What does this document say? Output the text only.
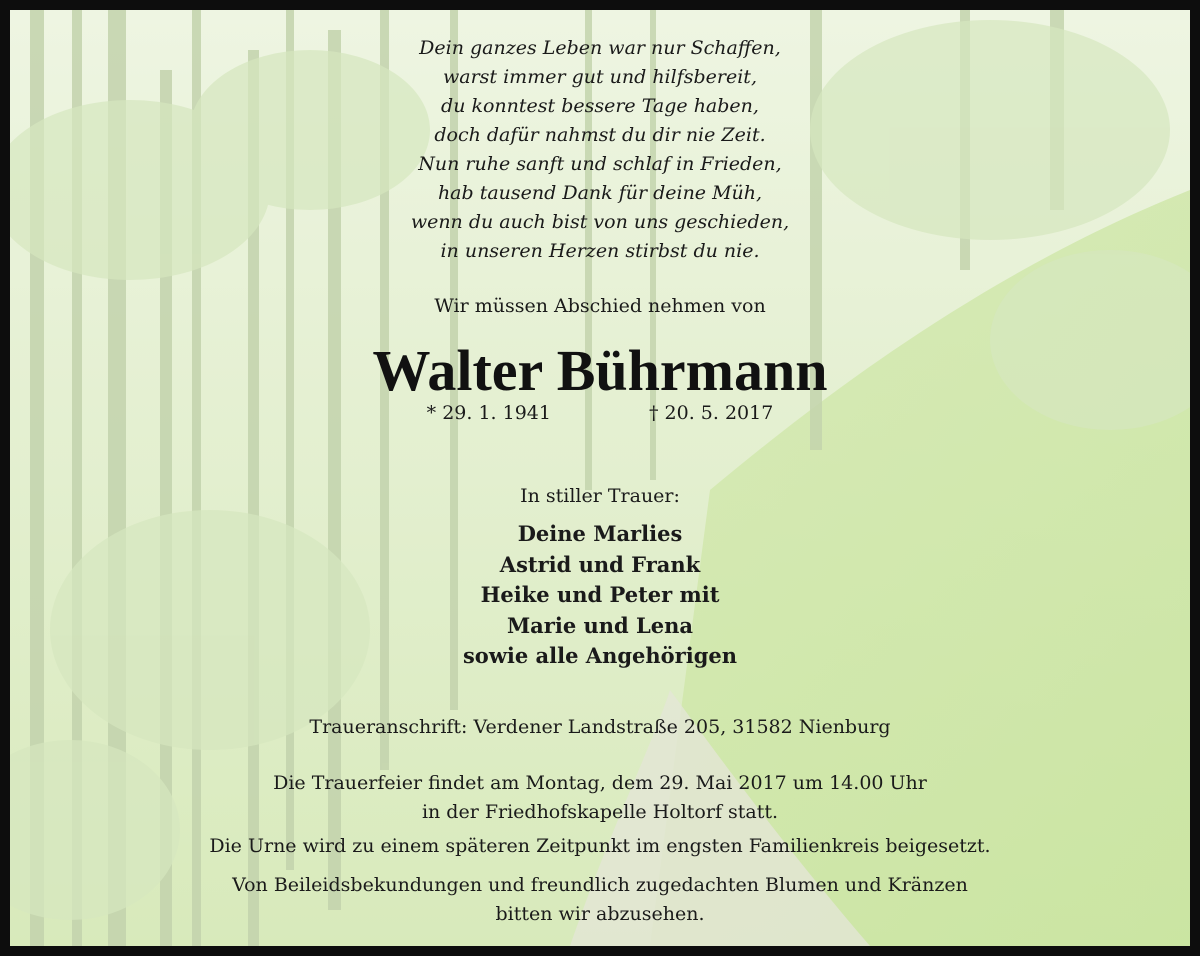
Dein ganzes Leben war nur Schaffen,
warst immer gut und hilfsbereit,
du konntest bessere Tage haben,
doch dafür nahmst du dir nie Zeit.
Nun ruhe sanft und schlaf in Frieden,
hab tausend Dank für deine Müh,
wenn du auch bist von uns geschieden,
in unseren Herzen stirbst du nie.
Wir müssen Abschied nehmen von
Walter Bührmann
* 29. 1. 1941	† 20. 5. 2017
In stiller Trauer:
Deine Marlies
Astrid und Frank
Heike und Peter mit
Marie und Lena
sowie alle Angehörigen
Traueranschrift: Verdener Landstraße 205, 31582 Nienburg
Die Trauerfeier findet am Montag, dem 29. Mai 2017 um 14.00 Uhr
in der Friedhofskapelle Holtorf statt.
Die Urne wird zu einem späteren Zeitpunkt im engsten Familienkreis beigesetzt.
Von Beileidsbekundungen und freundlich zugedachten Blumen und Kränzen
bitten wir abzusehen.
